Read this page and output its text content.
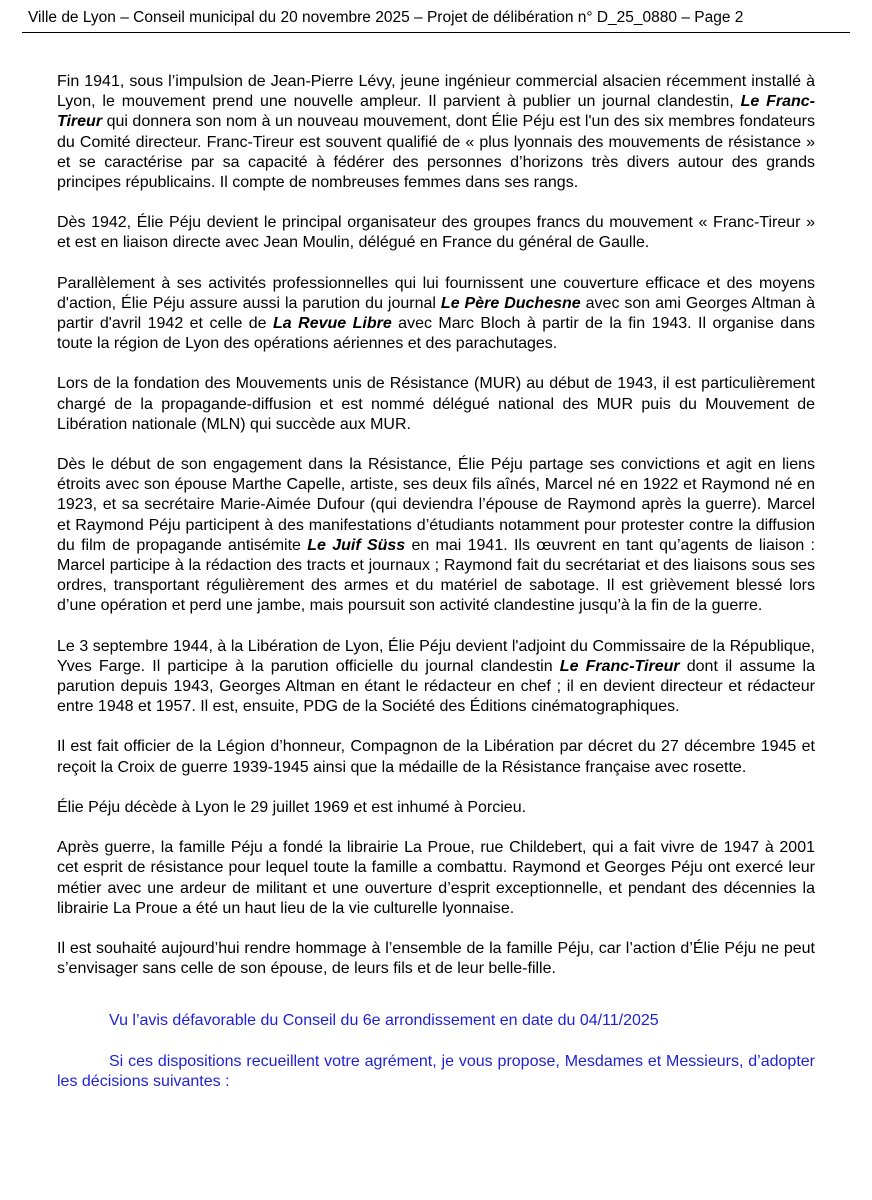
Ville de Lyon – Conseil municipal du 20 novembre 2025 – Projet de délibération n° D_25_0880 – Page 2

Fin 1941, sous l’impulsion de Jean-Pierre Lévy, jeune ingénieur commercial alsacien récemment installé à Lyon, le mouvement prend une nouvelle ampleur. Il parvient à publier un journal clandestin, Le Franc-Tireur qui donnera son nom à un nouveau mouvement, dont Élie Péju est l'un des six membres fondateurs du Comité directeur. Franc-Tireur est souvent qualifié de « plus lyonnais des mouvements de résistance » et se caractérise par sa capacité à fédérer des personnes d’horizons très divers autour des grands principes républicains. Il compte de nombreuses femmes dans ses rangs.

Dès 1942, Élie Péju devient le principal organisateur des groupes francs du mouvement « Franc-Tireur » et est en liaison directe avec Jean Moulin, délégué en France du général de Gaulle.

Parallèlement à ses activités professionnelles qui lui fournissent une couverture efficace et des moyens d'action, Élie Péju assure aussi la parution du journal Le Père Duchesne avec son ami Georges Altman à partir d'avril 1942 et celle de La Revue Libre avec Marc Bloch à partir de la fin 1943. Il organise dans toute la région de Lyon des opérations aériennes et des parachutages.

Lors de la fondation des Mouvements unis de Résistance (MUR) au début de 1943, il est particulièrement chargé de la propagande-diffusion et est nommé délégué national des MUR puis du Mouvement de Libération nationale (MLN) qui succède aux MUR.

Dès le début de son engagement dans la Résistance, Élie Péju partage ses convictions et agit en liens étroits avec son épouse Marthe Capelle, artiste, ses deux fils aînés, Marcel né en 1922 et Raymond né en 1923, et sa secrétaire Marie-Aimée Dufour (qui deviendra l’épouse de Raymond après la guerre). Marcel et Raymond Péju participent à des manifestations d’étudiants notamment pour protester contre la diffusion du film de propagande antisémite Le Juif Süss en mai 1941. Ils œuvrent en tant qu’agents de liaison : Marcel participe à la rédaction des tracts et journaux ; Raymond fait du secrétariat et des liaisons sous ses ordres, transportant régulièrement des armes et du matériel de sabotage. Il est grièvement blessé lors d’une opération et perd une jambe, mais poursuit son activité clandestine jusqu’à la fin de la guerre.

Le 3 septembre 1944, à la Libération de Lyon, Élie Péju devient l'adjoint du Commissaire de la République, Yves Farge. Il participe à la parution officielle du journal clandestin Le Franc-Tireur dont il assume la parution depuis 1943, Georges Altman en étant le rédacteur en chef ; il en devient directeur et rédacteur entre 1948 et 1957. Il est, ensuite, PDG de la Société des Éditions cinématographiques.

Il est fait officier de la Légion d’honneur, Compagnon de la Libération par décret du 27 décembre 1945 et reçoit la Croix de guerre 1939-1945 ainsi que la médaille de la Résistance française avec rosette.

Élie Péju décède à Lyon le 29 juillet 1969 et est inhumé à Porcieu.

Après guerre, la famille Péju a fondé la librairie La Proue, rue Childebert, qui a fait vivre de 1947 à 2001 cet esprit de résistance pour lequel toute la famille a combattu. Raymond et Georges Péju ont exercé leur métier avec une ardeur de militant et une ouverture d’esprit exceptionnelle, et pendant des décennies la librairie La Proue a été un haut lieu de la vie culturelle lyonnaise.

Il est souhaité aujourd’hui rendre hommage à l’ensemble de la famille Péju, car l’action d’Élie Péju ne peut s’envisager sans celle de son épouse, de leurs fils et de leur belle-fille.

Vu l’avis défavorable du Conseil du 6e arrondissement en date du 04/11/2025

Si ces dispositions recueillent votre agrément, je vous propose, Mesdames et Messieurs, d’adopter les décisions suivantes :
